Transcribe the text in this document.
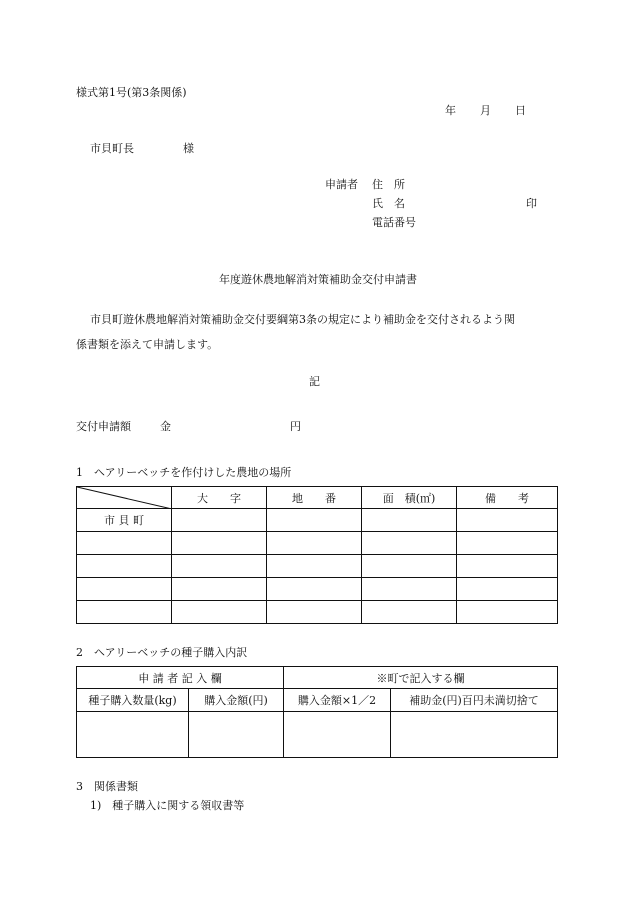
様式第1号(第3条関係)
年 月 日
市貝町長	様
申請者 住　所
氏　名	印
電話番号
年度遊休農地解消対策補助金交付申請書
市貝町遊休農地解消対策補助金交付要綱第3条の規定により補助金を交付されるよう関
係書類を添えて申請します。
記
交付申請額	金	円
1　ヘアリーベッチを作付けした農地の場所
	大　　字	地　　番	面　積(㎡)	備　　考
市 貝 町				

2　ヘアリーベッチの種子購入内訳
申 請 者 記 入 欄		※町で記入する欄	
種子購入数量(kg)	購入金額(円)	購入金額×1／2	補助金(円)百円未満切捨て

3　関係書類
1)　種子購入に関する領収書等
